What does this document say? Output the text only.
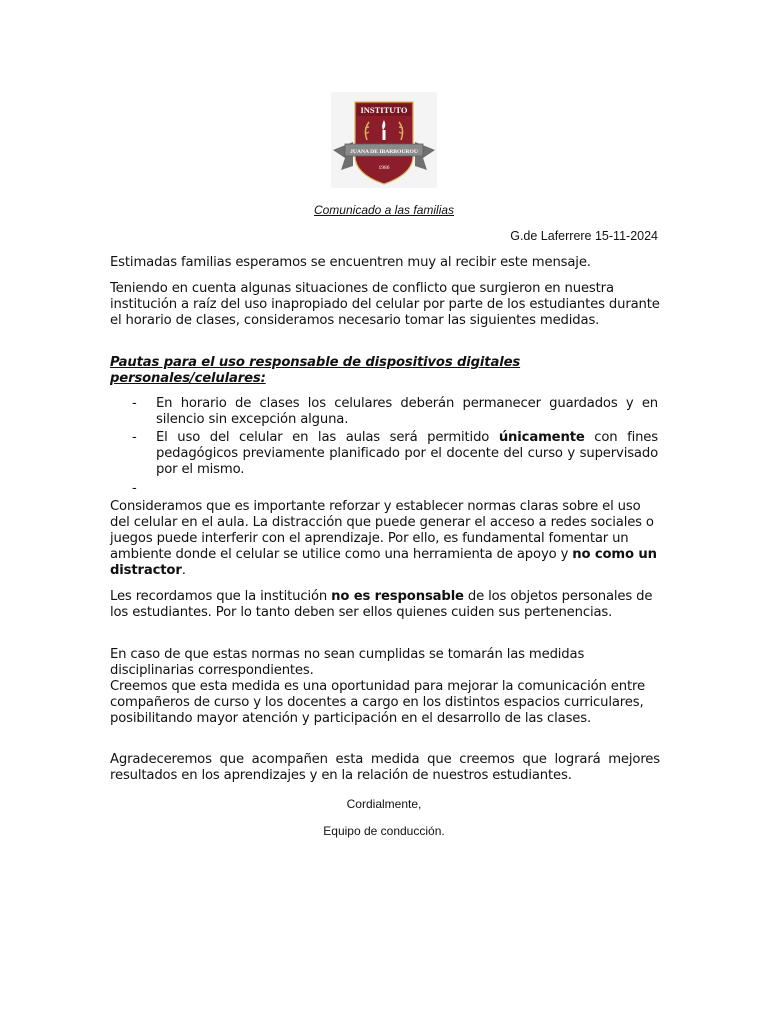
INSTITUTO
JUANA DE IBARBOUROU
1986
Comunicado a las familias
G.de Laferrere 15-11-2024

Estimadas familias esperamos se encuentren muy al recibir este mensaje.

Teniendo en cuenta algunas situaciones de conflicto que surgieron en nuestra institución a raíz del uso inapropiado del celular por parte de los estudiantes durante el horario de clases, consideramos necesario tomar las siguientes medidas.

Pautas para el uso responsable de dispositivos digitales personales/celulares:

- En horario de clases los celulares deberán permanecer guardados y en silencio sin excepción alguna.

- El uso del celular en las aulas será permitido únicamente con fines pedagógicos previamente planificado por el docente del curso y supervisado por el mismo.

-

Consideramos que es importante reforzar y establecer normas claras sobre el uso del celular en el aula. La distracción que puede generar el acceso a redes sociales o juegos puede interferir con el aprendizaje. Por ello, es fundamental fomentar un ambiente donde el celular se utilice como una herramienta de apoyo y no como un distractor.

Les recordamos que la institución no es responsable de los objetos personales de los estudiantes. Por lo tanto deben ser ellos quienes cuiden sus pertenencias.

En caso de que estas normas no sean cumplidas se tomarán las medidas disciplinarias correspondientes.
Creemos que esta medida es una oportunidad para mejorar la comunicación entre compañeros de curso y los docentes a cargo en los distintos espacios curriculares, posibilitando mayor atención y participación en el desarrollo de las clases.

Agradeceremos que acompañen esta medida que creemos que logrará mejores resultados en los aprendizajes y en la relación de nuestros estudiantes.

Cordialmente,
Equipo de conducción.
